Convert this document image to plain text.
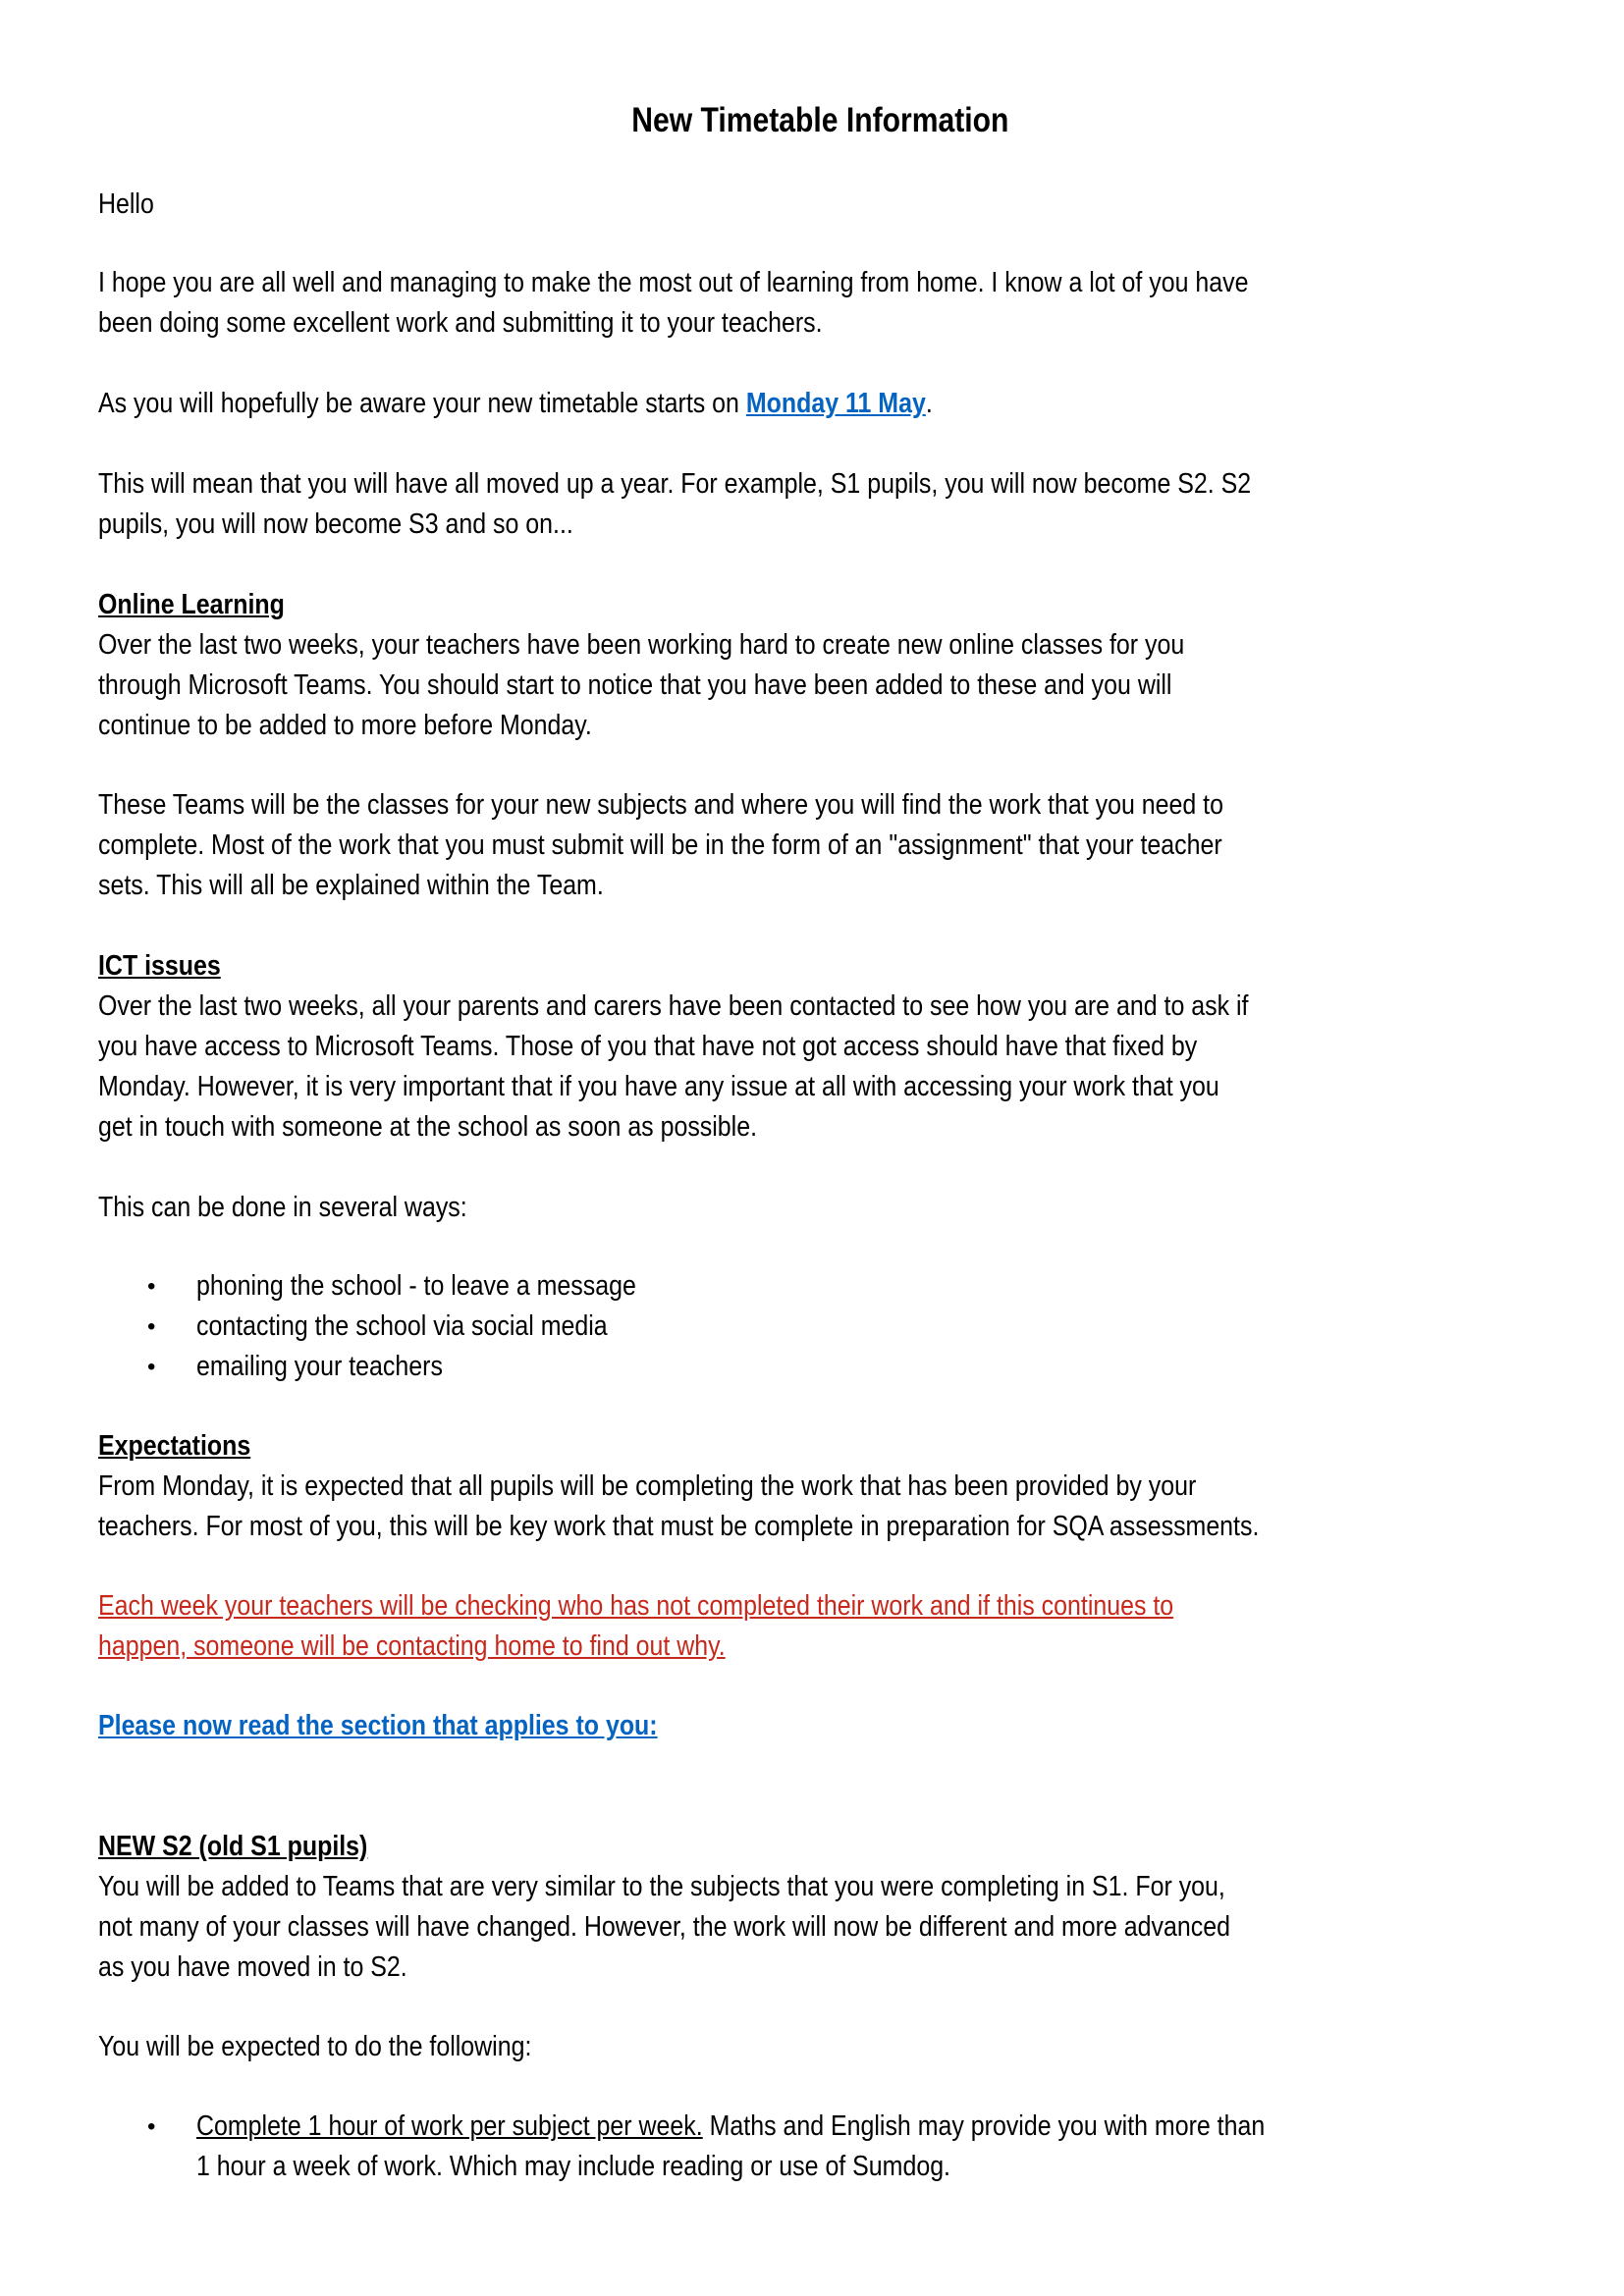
New Timetable Information
Hello
I hope you are all well and managing to make the most out of learning from home. I know a lot of you have
been doing some excellent work and submitting it to your teachers.
As you will hopefully be aware your new timetable starts on Monday 11 May.
This will mean that you will have all moved up a year. For example, S1 pupils, you will now become S2. S2
pupils, you will now become S3 and so on...
Online Learning
Over the last two weeks, your teachers have been working hard to create new online classes for you
through Microsoft Teams. You should start to notice that you have been added to these and you will
continue to be added to more before Monday.
These Teams will be the classes for your new subjects and where you will find the work that you need to
complete. Most of the work that you must submit will be in the form of an "assignment" that your teacher
sets. This will all be explained within the Team.
ICT issues
Over the last two weeks, all your parents and carers have been contacted to see how you are and to ask if
you have access to Microsoft Teams. Those of you that have not got access should have that fixed by
Monday. However, it is very important that if you have any issue at all with accessing your work that you
get in touch with someone at the school as soon as possible.
This can be done in several ways:
• phoning the school - to leave a message
• contacting the school via social media
• emailing your teachers
Expectations
From Monday, it is expected that all pupils will be completing the work that has been provided by your
teachers. For most of you, this will be key work that must be complete in preparation for SQA assessments.
Each week your teachers will be checking who has not completed their work and if this continues to
happen, someone will be contacting home to find out why.
Please now read the section that applies to you:
NEW S2 (old S1 pupils)
You will be added to Teams that are very similar to the subjects that you were completing in S1. For you,
not many of your classes will have changed. However, the work will now be different and more advanced
as you have moved in to S2.
You will be expected to do the following:
• Complete 1 hour of work per subject per week. Maths and English may provide you with more than
1 hour a week of work. Which may include reading or use of Sumdog.
